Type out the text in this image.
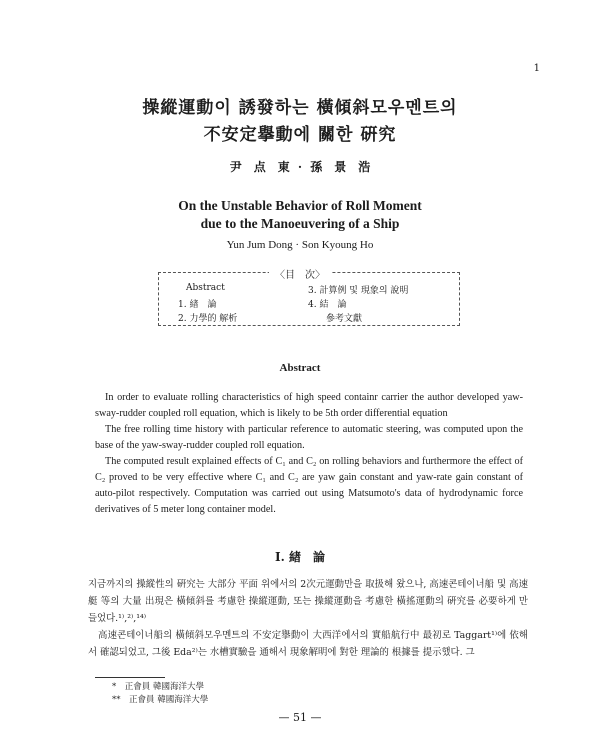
1
操縱運動이 誘發하는 橫傾斜모우멘트의
不安定擧動에 關한 硏究
尹　点　東 · 孫　景　浩
On the Unstable Behavior of Roll Moment
due to the Manoeuvering of a Ship
Yun Jum Dong · Son Kyoung Ho
〈目　次〉
Abstract
1. 緖　論
2. 力學的 解析
3. 計算例 및 現象의 說明
4. 結　論
參考文獻
Abstract

In order to evaluate rolling characteristics of high speed containr carrier the author developed yaw-sway-rudder coupled roll equation, which is likely to be 5th order differential equation

The free rolling time history with particular reference to automatic steering, was computed upon the base of the yaw-sway-rudder coupled roll equation.

The computed result explained effects of C₁ and C₂ on rolling behaviors and furthermore the effect of C₂ proved to be very effective where C₁ and C₂ are yaw gain constant and yaw-rate gain constant of auto-pilot respectively. Computation was carried out using Matsumoto's data of hydrodynamic force derivatives of 5 meter long container model.

I. 緖　論

지금까지의 操縱性의 硏究는 大部分 平面 위에서의 2次元運動만을 取扱해 왔으나, 高速콘테이너船 및 高速艇 等의 大量 出現은 橫傾斜를 考慮한 操縱運動, 또는 操縱運動을 考慮한 橫搖運動의 硏究를 必要하게 만들었다.¹⁾,²⁾,¹⁴⁾

高速콘테이너船의 橫傾斜모우멘트의 不安定擧動이 大西洋에서의 實船航行中 最初로 Taggart¹⁾에 依해서 確認되었고, 그後 Eda²⁾는 水槽實驗을 通해서 現象解明에 對한 理論的 根據를 提示했다. 그

*　正會員 韓國海洋大學
**　正會員 韓國海洋大學
— 51 —
